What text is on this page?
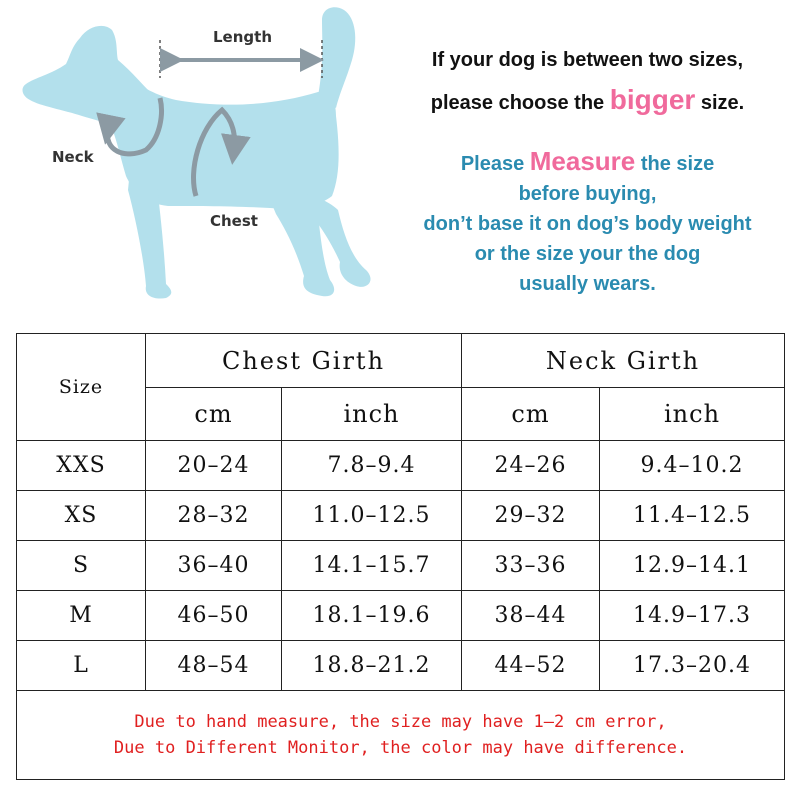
Length
Neck
Chest
If your dog is between two sizes,
please choose the bigger size.
Please Measure the size
before buying,
don’t base it on dog’s body weight
or the size your the dog
usually wears.
Size	Chest Girth		Neck Girth	
	cm	inch	cm	inch
XXS	20–24	7.8–9.4	24–26	9.4–10.2
XS	28–32	11.0–12.5	29–32	11.4–12.5
S	36–40	14.1–15.7	33–36	12.9–14.1
M	46–50	18.1–19.6	38–44	14.9–17.3
L	48–54	18.8–21.2	44–52	17.3–20.4

Due to hand measure, the size may have 1–2 cm error,
Due to Different Monitor, the color may have difference.				
